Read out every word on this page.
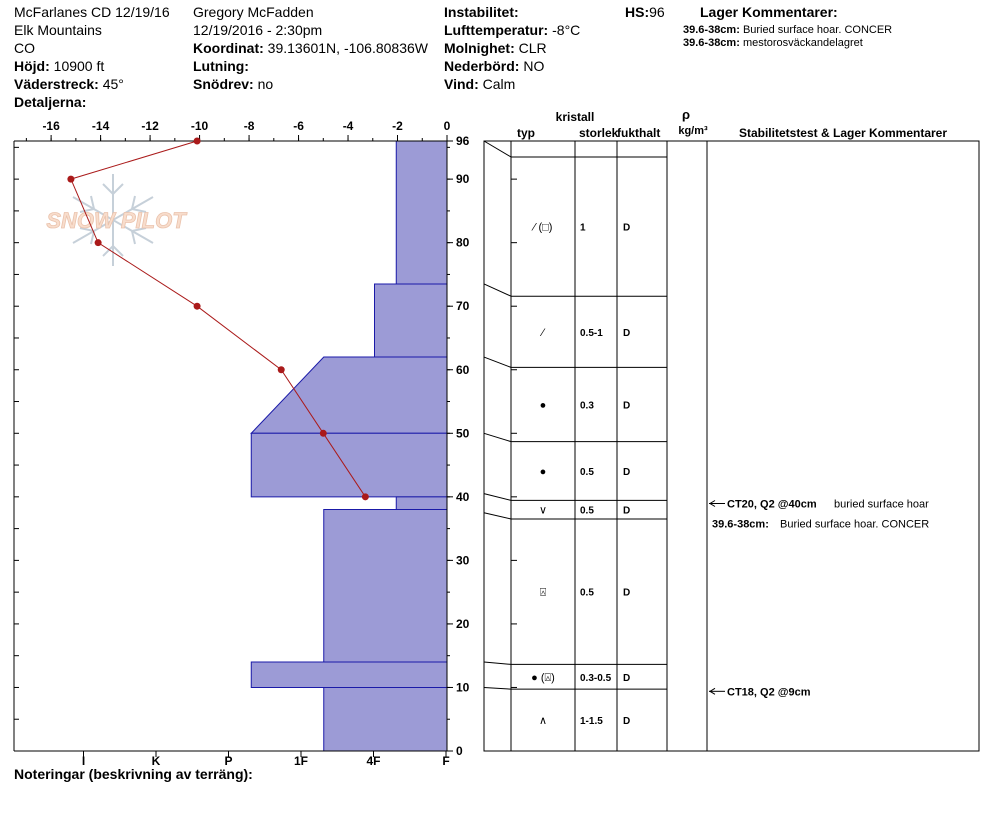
McFarlanes CD 12/19/16
Elk Mountains
CO
Höjd: 10900 ft
Väderstreck: 45°
Detaljerna:
Gregory McFadden
12/19/2016 - 2:30pm
Koordinat: 39.13601N, -106.80836W
Lutning:
Snödrev: no
Instabilitet:
Lufttemperatur: -8°C
Molnighet: CLR
Nederbörd: NO
Vind: Calm
HS:96	Lager Kommentarer:
39.6-38cm: Buried surface hoar. CONCER
39.6-38cm: mestorosväckandelagret
SNOW PILOT
-16	-14	-12	-10	-8	-6	-4	-2	0
0
10
20
30
40
50
60
70
80
90
96
I	K	P	1F	4F	F
kristall
typ	storlek
fukthalt
ρ
kg/m³	Stabilitetstest & Lager Kommentarer
⁄ (□)	1	D
⁄	0.5-1 D
●	0.3	D
●	0.5	D
∨	0.5	D
⍓	0.5	D
● (⍓)	0.3-0.5 D
∧	1-1.5 D
CT20, Q2 @40cm buried surface hoar
CT18, Q2 @9cm
39.6-38cm: Buried surface hoar. CONCER
Noteringar (beskrivning av terräng):
